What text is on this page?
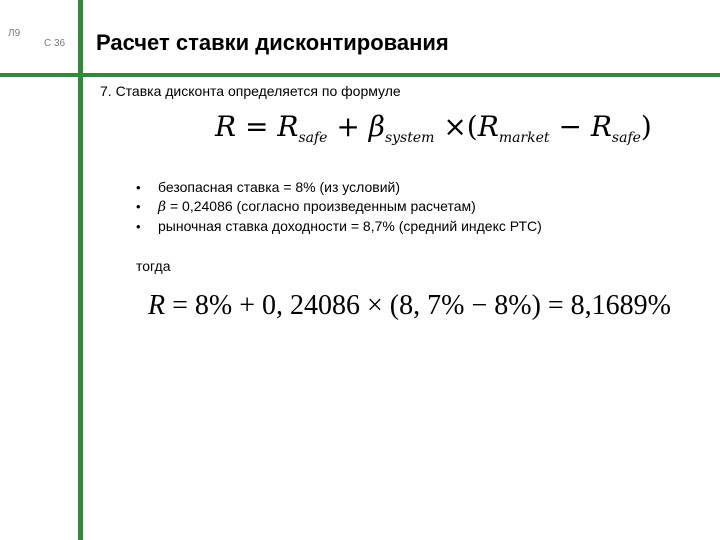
Л9
С 36 Расчет ставки дисконтирования
7. Ставка дисконта определяется по формуле
$R = R_{safe} + \beta_{system} \times(R_{market} - R_{safe})$
• безопасная ставка = 8% (из условий)
• β = 0,24086 (согласно произведенным расчетам)
• рыночная ставка доходности = 8,7% (средний индекс РТС)
тогда
R = 8% + 0, 24086 × (8, 7% − 8%) = 8,1689%
